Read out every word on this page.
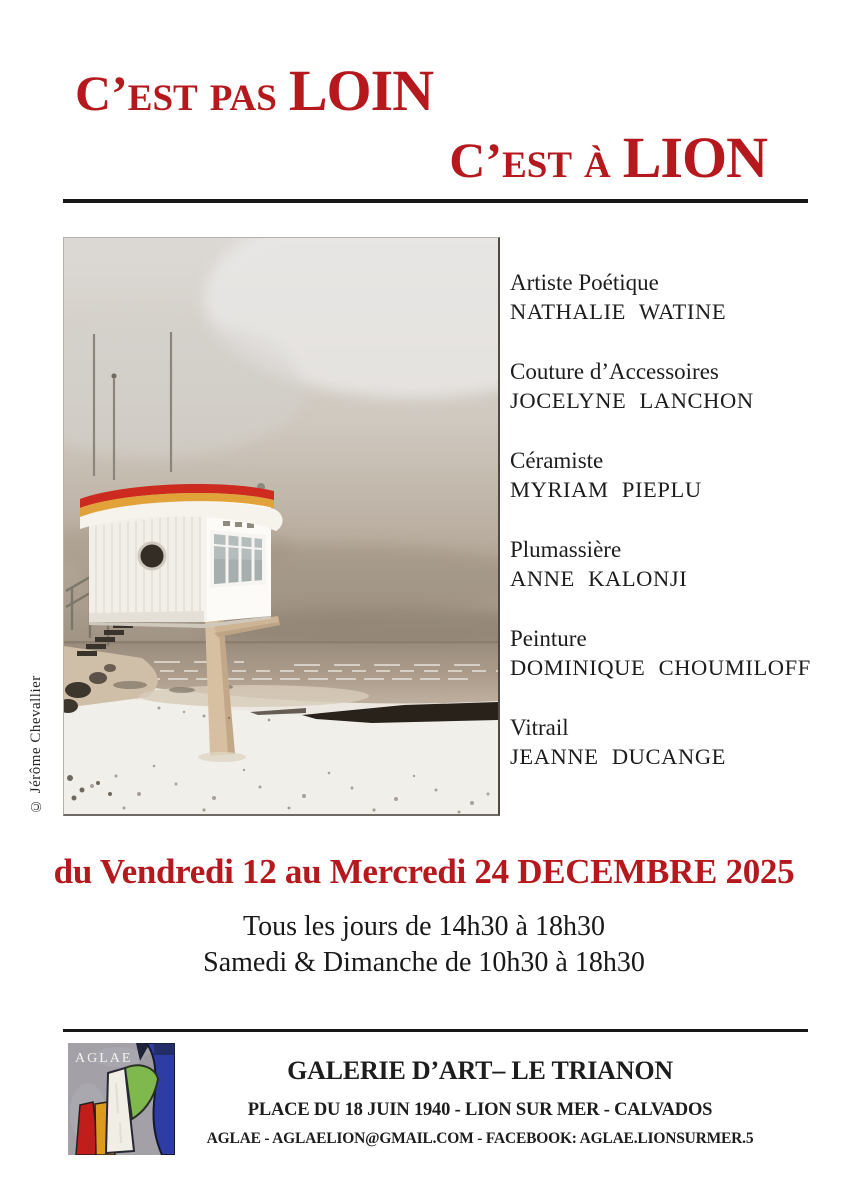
C’EST PAS LOIN
C’EST À LION
© Jérôme Chevallier
Artiste Poétique
NATHALIE WATINE
Couture d’Accessoires
JOCELYNE LANCHON
Céramiste
MYRIAM PIEPLU
Plumassière
ANNE KALONJI
Peinture
DOMINIQUE CHOUMILOFF
Vitrail
JEANNE DUCANGE
du Vendredi 12 au Mercredi 24 DECEMBRE 2025
Tous les jours de 14h30 à 18h30
Samedi & Dimanche de 10h30 à 18h30
AGLAE	GALERIE D’ART– LE TRIANON
PLACE DU 18 JUIN 1940 - LION SUR MER - CALVADOS
AGLAE - AGLAELION@GMAIL.COM - FACEBOOK: AGLAE.LIONSURMER.5
